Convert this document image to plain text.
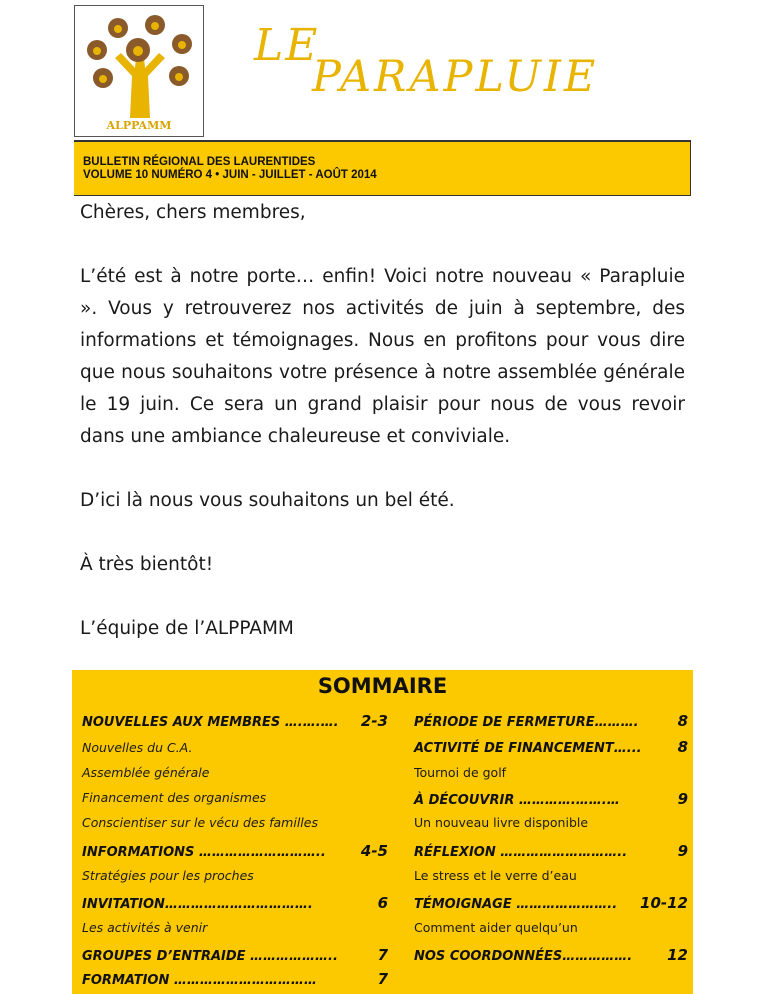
ALPPAMM
LE
PARAPLUIE
BULLETIN RÉGIONAL DES LAURENTIDES
VOLUME 10 NUMÉRO 4 • JUIN - JUILLET - AOÛT 2014

Chères, chers membres,

L’été est à notre porte… enfin! Voici notre nouveau « Parapluie ». Vous y retrouverez nos activités de juin à septembre, des informations et témoignages. Nous en profitons pour vous dire que nous souhaitons votre présence à notre assemblée générale le 19 juin. Ce sera un grand plaisir pour nous de vous revoir dans une ambiance chaleureuse et conviviale.

D’ici là nous vous souhaitons un bel été.

À très bientôt!

L’équipe de l’ALPPAMM

SOMMAIRE
NOUVELLES AUX MEMBRES ….….…. 2-3
Nouvelles du C.A.
Assemblée générale
Financement des organismes
Conscientiser sur le vécu des familles
INFORMATIONS ……………………….. 4-5
Stratégies pour les proches
INVITATION…………………………….	6
Les activités à venir
GROUPES D’ENTRAIDE ………………..	7
FORMATION ……………………………	7
PÉRIODE DE FERMETURE……….	8
ACTIVITÉ DE FINANCEMENT…... 8
Tournoi de golf
À DÉCOUVRIR ………….…….…	9
Un nouveau livre disponible
RÉFLEXION ………………………..	9
Le stress et le verre d’eau
TÉMOIGNAGE ………………….. 10-12
Comment aider quelqu’un
NOS COORDONNÉES……………. 12
